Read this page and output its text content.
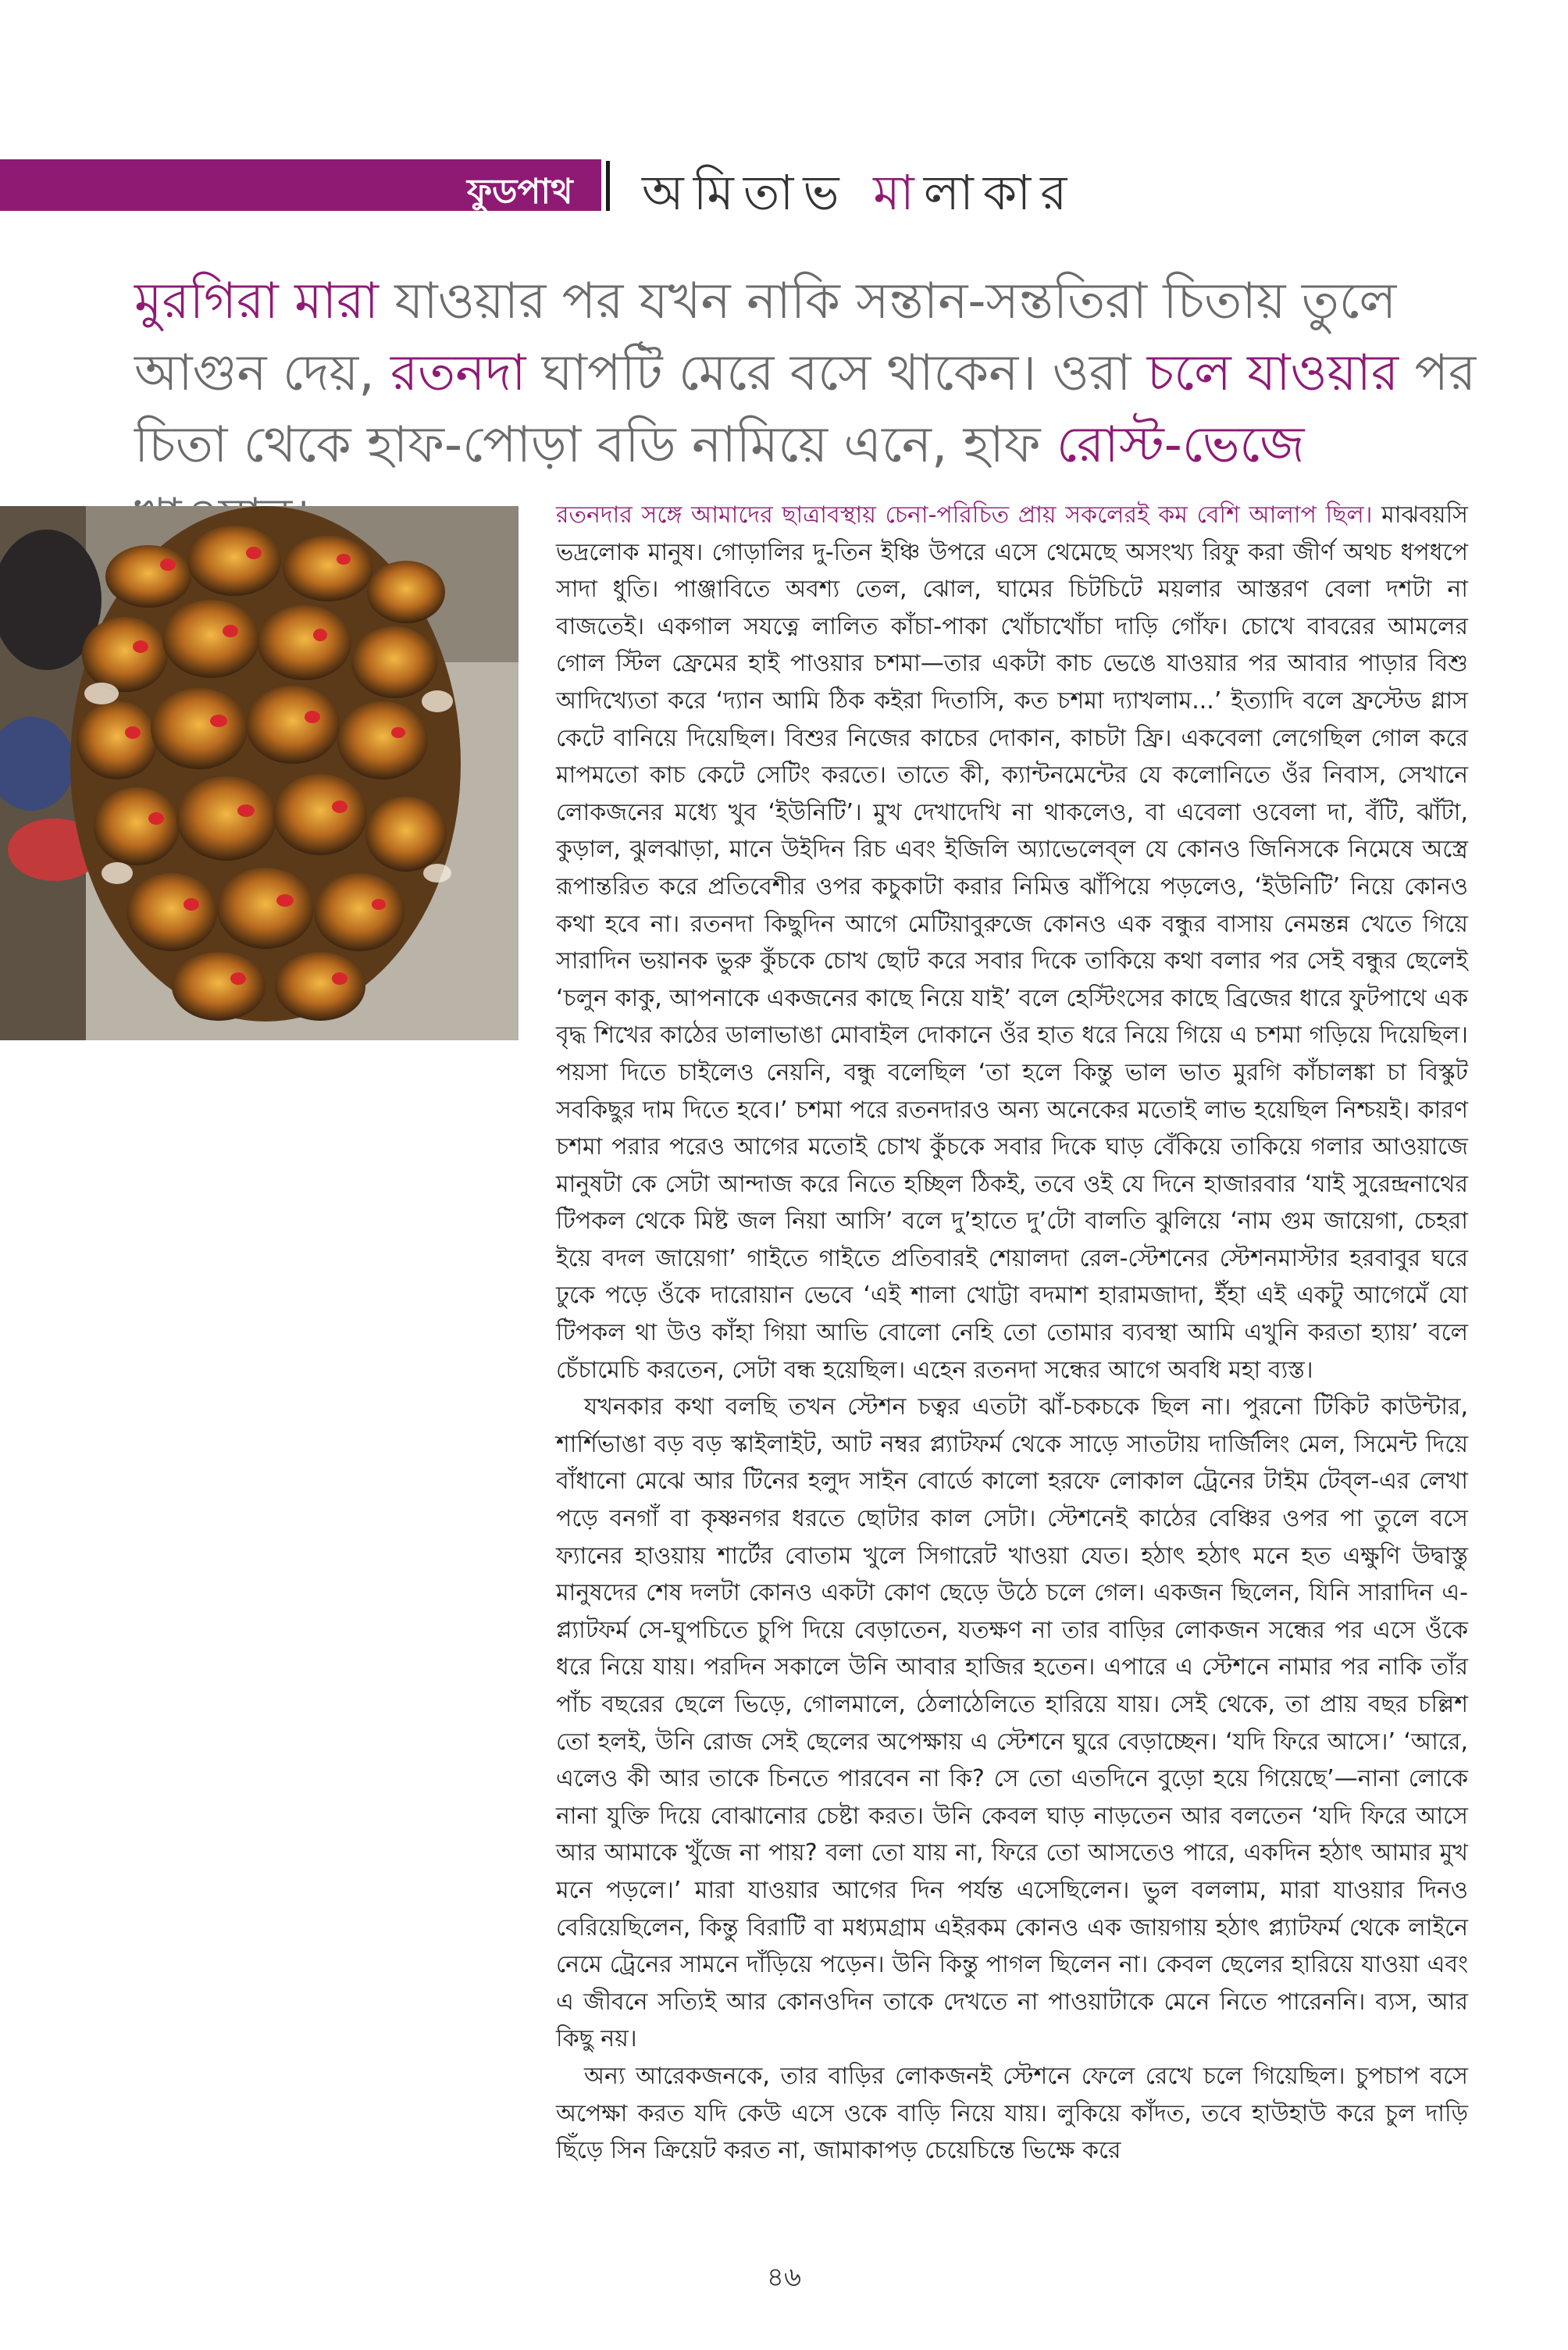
ফুডপাথ অমিতাভ মালাকার
মুরগিরা মারা যাওয়ার পর যখন নাকি সন্তান-সন্ততিরা চিতায় তুলে আগুন দেয়, রতনদা ঘাপটি মেরে বসে থাকেন। ওরা চলে যাওয়ার পর চিতা থেকে হাফ-পোড়া বডি নামিয়ে এনে, হাফ রোস্ট-ভেজে

রতনদার সঙ্গে আমাদের ছাত্রাবস্থায় চেনা-পরিচিত প্রায় সকলেরই কম বেশি আলাপ ছিল। মাঝবয়সি ভদ্রলোক মানুষ। গোড়ালির দু-তিন ইঞ্চি উপরে এসে থেমেছে অসংখ্য রিফু করা জীর্ণ অথচ ধপধপে সাদা ধুতি। পাঞ্জাবিতে অবশ্য তেল, ঝোল, ঘামের চিটচিটে ময়লার আস্তরণ বেলা দশটা না বাজতেই। একগাল সযত্নে লালিত কাঁচা-পাকা খোঁচাখোঁচা দাড়ি গোঁফ। চোখে বাবরের আমলের গোল স্টিল ফ্রেমের হাই পাওয়ার চশমা—তার একটা কাচ ভেঙে যাওয়ার পর আবার পাড়ার বিশু আদিখ্যেতা করে ‘দ্যান আমি ঠিক কইরা দিতাসি, কত চশমা দ্যাখলাম...’ ইত্যাদি বলে ফ্রস্টেড গ্লাস কেটে বানিয়ে দিয়েছিল। বিশুর নিজের কাচের দোকান, কাচটা ফ্রি। একবেলা লেগেছিল গোল করে মাপমতো কাচ কেটে সেটিং করতে। তাতে কী, ক্যান্টনমেন্টের যে কলোনিতে ওঁর নিবাস, সেখানে লোকজনের মধ্যে খুব ‘ইউনিটি’। মুখ দেখাদেখি না থাকলেও, বা এবেলা ওবেলা দা, বঁটি, ঝাঁটা, কুড়াল, ঝুলঝাড়া, মানে উইদিন রিচ এবং ইজিলি অ্যাভেলেব্‌ল যে কোনও জিনিসকে নিমেষে অস্ত্রে রূপান্তরিত করে প্রতিবেশীর ওপর কচুকাটা করার নিমিত্ত ঝাঁপিয়ে পড়লেও, ‘ইউনিটি’ নিয়ে কোনও কথা হবে না। রতনদা কিছুদিন আগে মেটিয়াবুরুজে কোনও এক বন্ধুর বাসায় নেমন্তন্ন খেতে গিয়ে সারাদিন ভয়ানক ভুরু কুঁচকে চোখ ছোট করে সবার দিকে তাকিয়ে কথা বলার পর সেই বন্ধুর ছেলেই ‘চলুন কাকু, আপনাকে একজনের কাছে নিয়ে যাই’ বলে হেস্টিংসের কাছে ব্রিজের ধারে ফুটপাথে এক বৃদ্ধ শিখের কাঠের ডালাভাঙা মোবাইল দোকানে ওঁর হাত ধরে নিয়ে গিয়ে এ চশমা গড়িয়ে দিয়েছিল। পয়সা দিতে চাইলেও নেয়নি, বন্ধু বলেছিল ‘তা হলে কিন্তু ভাল ভাত মুরগি কাঁচালঙ্কা চা বিস্কুট সবকিছুর দাম দিতে হবে।’ চশমা পরে রতনদারও অন্য অনেকের মতোই লাভ হয়েছিল নিশ্চয়ই। কারণ চশমা পরার পরেও আগের মতোই চোখ কুঁচকে সবার দিকে ঘাড় বেঁকিয়ে তাকিয়ে গলার আওয়াজে মানুষটা কে সেটা আন্দাজ করে নিতে হচ্ছিল ঠিকই, তবে ওই যে দিনে হাজারবার ‘যাই সুরেন্দ্রনাথের টিপকল থেকে মিষ্ট জল নিয়া আসি’ বলে দু’হাতে দু’টো বালতি ঝুলিয়ে ‘নাম গুম জায়েগা, চেহরা ইয়ে বদল জায়েগা’ গাইতে গাইতে প্রতিবারই শেয়ালদা রেল-স্টেশনের স্টেশনমাস্টার হরবাবুর ঘরে ঢুকে পড়ে ওঁকে দারোয়ান ভেবে ‘এই শালা খোট্টা বদমাশ হারামজাদা, ইঁহা এই একটু আগেমেঁ যো টিপকল থা উও কাঁহা গিয়া আভি বোলো নেহি তো তোমার ব্যবস্থা আমি এখুনি করতা হ্যায়’ বলে চেঁচামেচি করতেন, সেটা বন্ধ হয়েছিল। এহেন রতনদা সন্ধের আগে অবধি মহা ব্যস্ত।

যখনকার কথা বলছি তখন স্টেশন চত্বর এতটা ঝাঁ-চকচকে ছিল না। পুরনো টিকিট কাউন্টার, শার্শিভাঙা বড় বড় স্কাইলাইট, আট নম্বর প্ল্যাটফর্ম থেকে সাড়ে সাতটায় দার্জিলিং মেল, সিমেন্ট দিয়ে বাঁধানো মেঝে আর টিনের হলুদ সাইন বোর্ডে কালো হরফে লোকাল ট্রেনের টাইম টেব্‌ল-এর লেখা পড়ে বনগাঁ বা কৃষ্ণনগর ধরতে ছোটার কাল সেটা। স্টেশনেই কাঠের বেঞ্চির ওপর পা তুলে বসে ফ্যানের হাওয়ায় শার্টের বোতাম খুলে সিগারেট খাওয়া যেত। হঠাৎ হঠাৎ মনে হত এক্ষুণি উদ্বাস্তু মানুষদের শেষ দলটা কোনও একটা কোণ ছেড়ে উঠে চলে গেল। একজন ছিলেন, যিনি সারাদিন এ-প্ল্যাটফর্ম সে-ঘুপচিতে চুপি দিয়ে বেড়াতেন, যতক্ষণ না তার বাড়ির লোকজন সন্ধের পর এসে ওঁকে ধরে নিয়ে যায়। পরদিন সকালে উনি আবার হাজির হতেন। এপারে এ স্টেশনে নামার পর নাকি তাঁর পাঁচ বছরের ছেলে ভিড়ে, গোলমালে, ঠেলাঠেলিতে হারিয়ে যায়। সেই থেকে, তা প্রায় বছর চল্লিশ তো হলই, উনি রোজ সেই ছেলের অপেক্ষায় এ স্টেশনে ঘুরে বেড়াচ্ছেন। ‘যদি ফিরে আসে।’ ‘আরে, এলেও কী আর তাকে চিনতে পারবেন না কি? সে তো এতদিনে বুড়ো হয়ে গিয়েছে’—নানা লোকে নানা যুক্তি দিয়ে বোঝানোর চেষ্টা করত। উনি কেবল ঘাড় নাড়তেন আর বলতেন ‘যদি ফিরে আসে আর আমাকে খুঁজে না পায়? বলা তো যায় না, ফিরে তো আসতেও পারে, একদিন হঠাৎ আমার মুখ মনে পড়লে।’ মারা যাওয়ার আগের দিন পর্যন্ত এসেছিলেন। ভুল বললাম, মারা যাওয়ার দিনও বেরিয়েছিলেন, কিন্তু বিরাটি বা মধ্যমগ্রাম এইরকম কোনও এক জায়গায় হঠাৎ প্ল্যাটফর্ম থেকে লাইনে নেমে ট্রেনের সামনে দাঁড়িয়ে পড়েন। উনি কিন্তু পাগল ছিলেন না। কেবল ছেলের হারিয়ে যাওয়া এবং এ জীবনে সত্যিই আর কোনওদিন তাকে দেখতে না পাওয়াটাকে মেনে নিতে পারেননি। ব্যস, আর কিছু নয়।

অন্য আরেকজনকে, তার বাড়ির লোকজনই স্টেশনে ফেলে রেখে চলে গিয়েছিল। চুপচাপ বসে অপেক্ষা করত যদি কেউ এসে ওকে বাড়ি নিয়ে যায়। লুকিয়ে কাঁদত, তবে হাউহাউ করে চুল দাড়ি ছিঁড়ে সিন ক্রিয়েট করত না, জামাকাপড় চেয়েচিন্তে ভিক্ষে করে

৪৬
